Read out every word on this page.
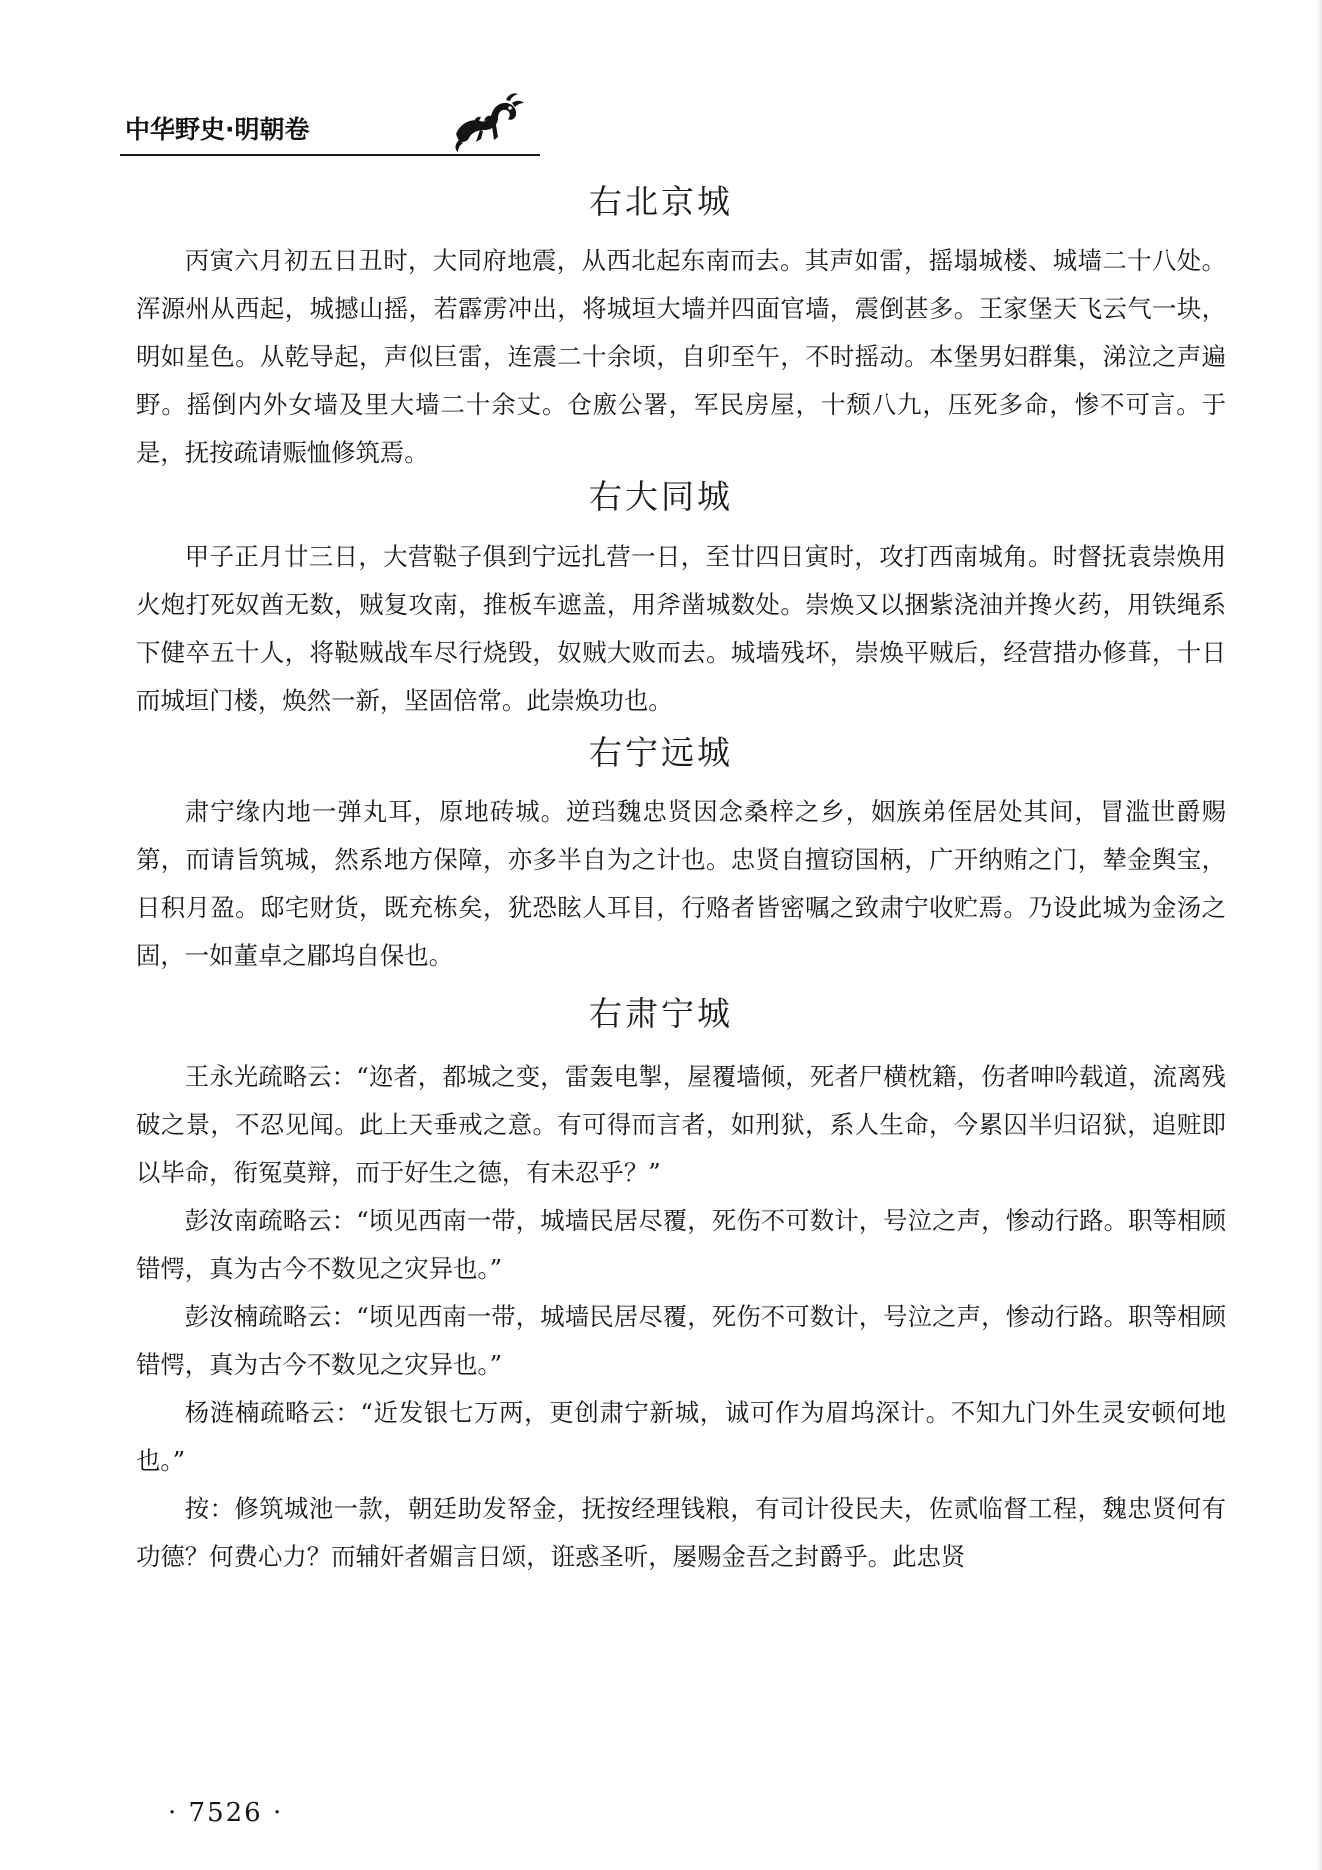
中华野史·明朝卷
右北京城

丙寅六月初五日丑时，大同府地震，从西北起东南而去。其声如雷，摇塌城楼、城墙二十八处。浑源州从西起，城撼山摇，若霹雳冲出，将城垣大墙并四面官墙，震倒甚多。王家堡天飞云气一块，明如星色。从乾导起，声似巨雷，连震二十余顷，自卯至午，不时摇动。本堡男妇群集，涕泣之声遍野。摇倒内外女墙及里大墙二十余丈。仓廒公署，军民房屋，十颓八九，压死多命，惨不可言。于是，抚按疏请赈恤修筑焉。

右大同城

甲子正月廿三日，大营鞑子俱到宁远扎营一日，至廿四日寅时，攻打西南城角。时督抚袁崇焕用火炮打死奴酋无数，贼复攻南，推板车遮盖，用斧凿城数处。崇焕又以捆紫浇油并搀火药，用铁绳系下健卒五十人，将鞑贼战车尽行烧毁，奴贼大败而去。城墙残坏，崇焕平贼后，经营措办修葺，十日而城垣门楼，焕然一新，坚固倍常。此崇焕功也。

右宁远城

肃宁缘内地一弹丸耳，原地砖城。逆珰魏忠贤因念桑梓之乡，姻族弟侄居处其间，冒滥世爵赐第，而请旨筑城，然系地方保障，亦多半自为之计也。忠贤自擅窃国柄，广开纳贿之门，辇金舆宝，日积月盈。邸宅财货，既充栋矣，犹恐眩人耳目，行赂者皆密嘱之致肃宁收贮焉。乃设此城为金汤之固，一如董卓之郿坞自保也。

右肃宁城

王永光疏略云：“迩者，都城之变，雷轰电掣，屋覆墙倾，死者尸横枕籍，伤者呻吟载道，流离残破之景，不忍见闻。此上天垂戒之意。有可得而言者，如刑狱，系人生命，今累囚半归诏狱，追赃即以毕命，衔冤莫辩，而于好生之德，有未忍乎？”

彭汝南疏略云：“顷见西南一带，城墙民居尽覆，死伤不可数计，号泣之声，惨动行路。职等相顾错愕，真为古今不数见之灾异也。”

彭汝楠疏略云：“顷见西南一带，城墙民居尽覆，死伤不可数计，号泣之声，惨动行路。职等相顾错愕，真为古今不数见之灾异也。”

杨涟楠疏略云：“近发银七万两，更创肃宁新城，诚可作为眉坞深计。不知九门外生灵安顿何地也。”

按：修筑城池一款，朝廷助发帑金，抚按经理钱粮，有司计役民夫，佐贰临督工程，魏忠贤何有功德？何费心力？而辅奸者媚言日颂，诳惑圣听，屡赐金吾之封爵乎。此忠贤

· 7526 ·
